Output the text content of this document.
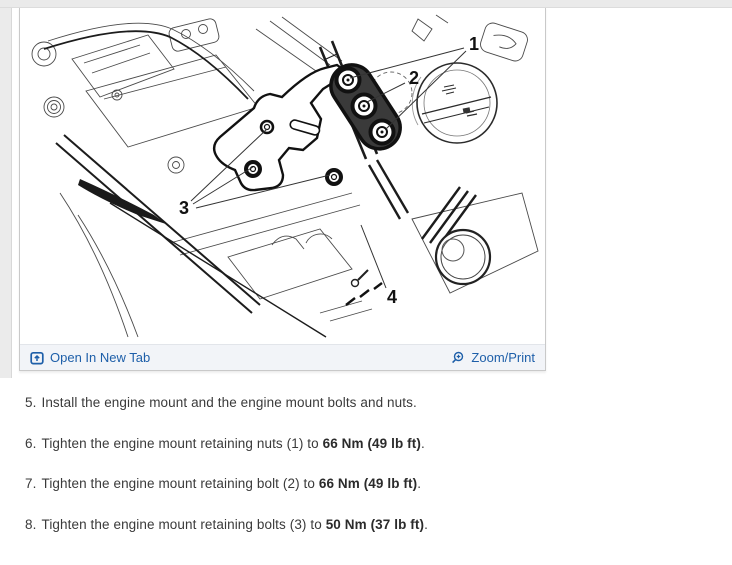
1
2
3
4
Open In New Tab	Zoom/Print
5. Install the engine mount and the engine mount bolts and nuts.
6. Tighten the engine mount retaining nuts (1) to 66 Nm (49 lb ft).
7. Tighten the engine mount retaining bolt (2) to 66 Nm (49 lb ft).
8. Tighten the engine mount retaining bolts (3) to 50 Nm (37 lb ft).
